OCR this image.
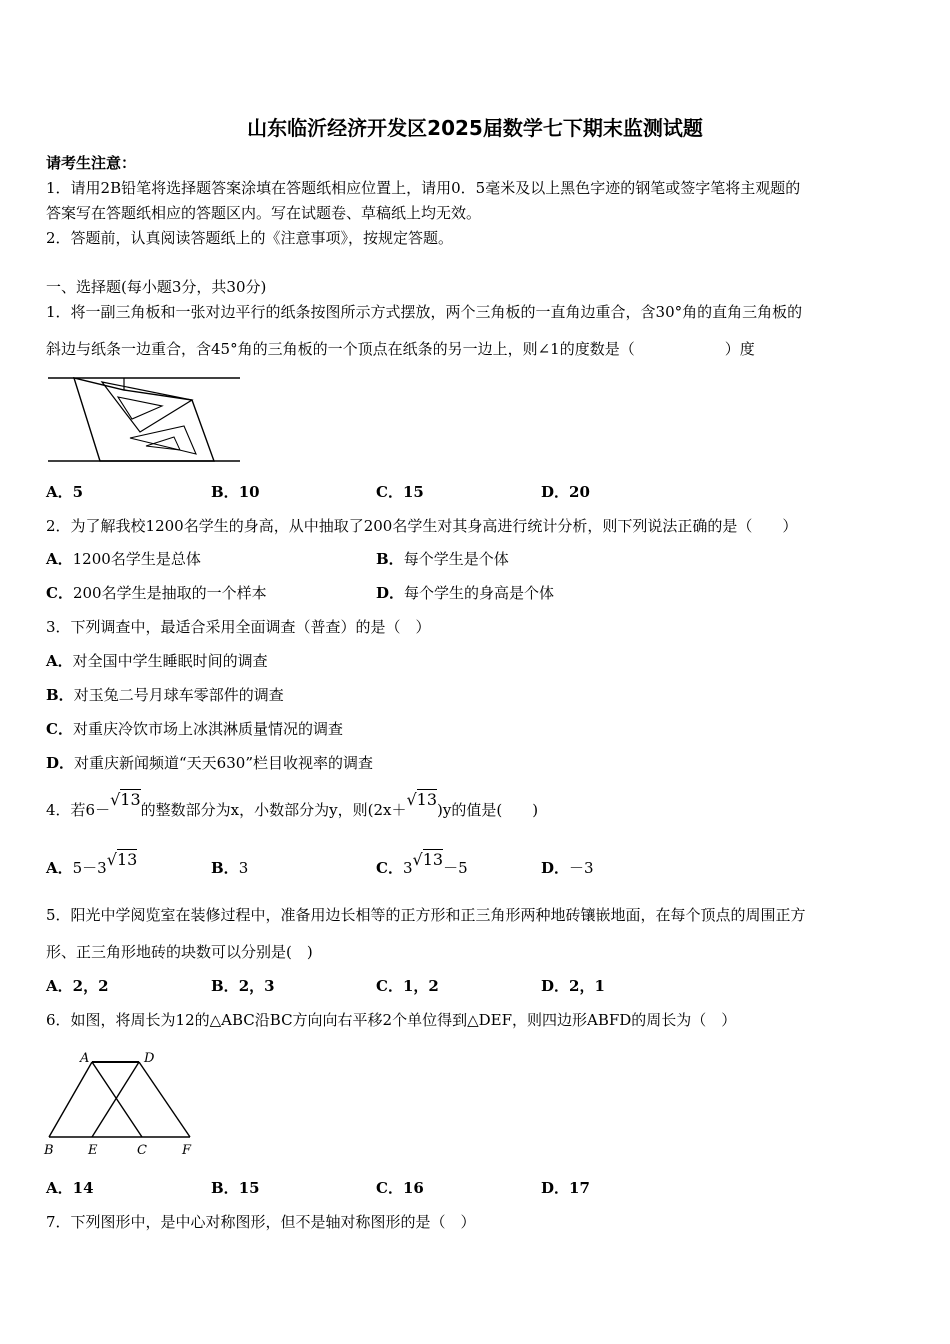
山东临沂经济开发区2025届数学七下期末监测试题
请考生注意：
1．请用2B铅笔将选择题答案涂填在答题纸相应位置上，请用0．5毫米及以上黑色字迹的钢笔或签字笔将主观题的
答案写在答题纸相应的答题区内。写在试题卷、草稿纸上均无效。
2．答题前，认真阅读答题纸上的《注意事项》，按规定答题。
一、选择题(每小题3分，共30分)
1．将一副三角板和一张对边平行的纸条按图所示方式摆放，两个三角板的一直角边重合，含30°角的直角三角板的
斜边与纸条一边重合，含45°角的三角板的一个顶点在纸条的另一边上，则∠1的度数是（　　　　　　）度
A．5	B．10	C．15	D．20
2．为了解我校1200名学生的身高，从中抽取了200名学生对其身高进行统计分析，则下列说法正确的是（　　）
A．1200名学生是总体	B．每个学生是个体
C．200名学生是抽取的一个样本	D．每个学生的身高是个体
3．下列调查中，最适合采用全面调查（普查）的是（　）
A．对全国中学生睡眠时间的调查
B．对玉兔二号月球车零部件的调查
C．对重庆冷饮市场上冰淇淋质量情况的调查
D．对重庆新闻频道“天天630”栏目收视率的调查
4．若6－√13的整数部分为x，小数部分为y，则(2x＋√13)y的值是(　　)
A．5－3√13	B．3	C．3√13－5	D．－3
5．阳光中学阅览室在装修过程中，准备用边长相等的正方形和正三角形两种地砖镶嵌地面，在每个顶点的周围正方
形、正三角形地砖的块数可以分别是(　)
A．2，2	B．2，3	C．1，2	D．2，1
6．如图，将周长为12的△ABC沿BC方向向右平移2个单位得到△DEF，则四边形ABFD的周长为（　）
A	D
B	E	C	F
A．14	B．15	C．16	D．17
7．下列图形中，是中心对称图形，但不是轴对称图形的是（　）
